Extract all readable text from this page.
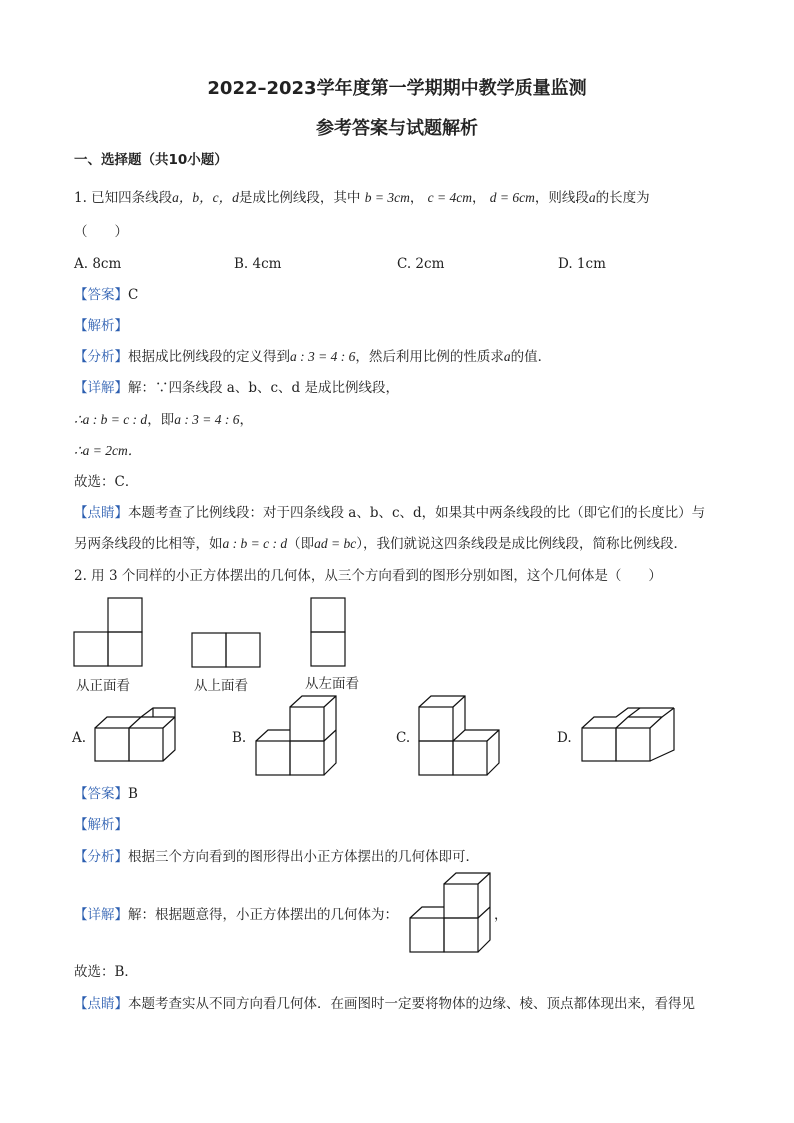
2022–2023学年度第一学期期中教学质量监测
参考答案与试题解析
一、选择题（共10小题）
1. 已知四条线段a，b，c，d是成比例线段，其中 b = 3cm， c = 4cm， d = 6cm，则线段a的长度为
（　　）
A. 8cm	B. 4cm	C. 2cm	D. 1cm
【答案】C
【解析】
【分析】根据成比例线段的定义得到a : 3 = 4 : 6，然后利用比例的性质求a的值．
【详解】解：∵四条线段 a、b、c、d 是成比例线段，
∴a : b = c : d，即a : 3 = 4 : 6，
∴a = 2cm．
故选：C．
【点睛】本题考查了比例线段：对于四条线段 a、b、c、d，如果其中两条线段的比（即它们的长度比）与
另两条线段的比相等，如a : b = c : d（即ad = bc），我们就说这四条线段是成比例线段，简称比例线段．
2. 用 3 个同样的小正方体摆出的几何体，从三个方向看到的图形分别如图，这个几何体是（　　）
从正面看	从上面看	从左面看
A.	B.	C.	D.
【答案】B
【解析】
【分析】根据三个方向看到的图形得出小正方体摆出的几何体即可．
【详解】解：根据题意得，小正方体摆出的几何体为：	，
故选：B．
【点睛】本题考查实从不同方向看几何体．在画图时一定要将物体的边缘、棱、顶点都体现出来，看得见
